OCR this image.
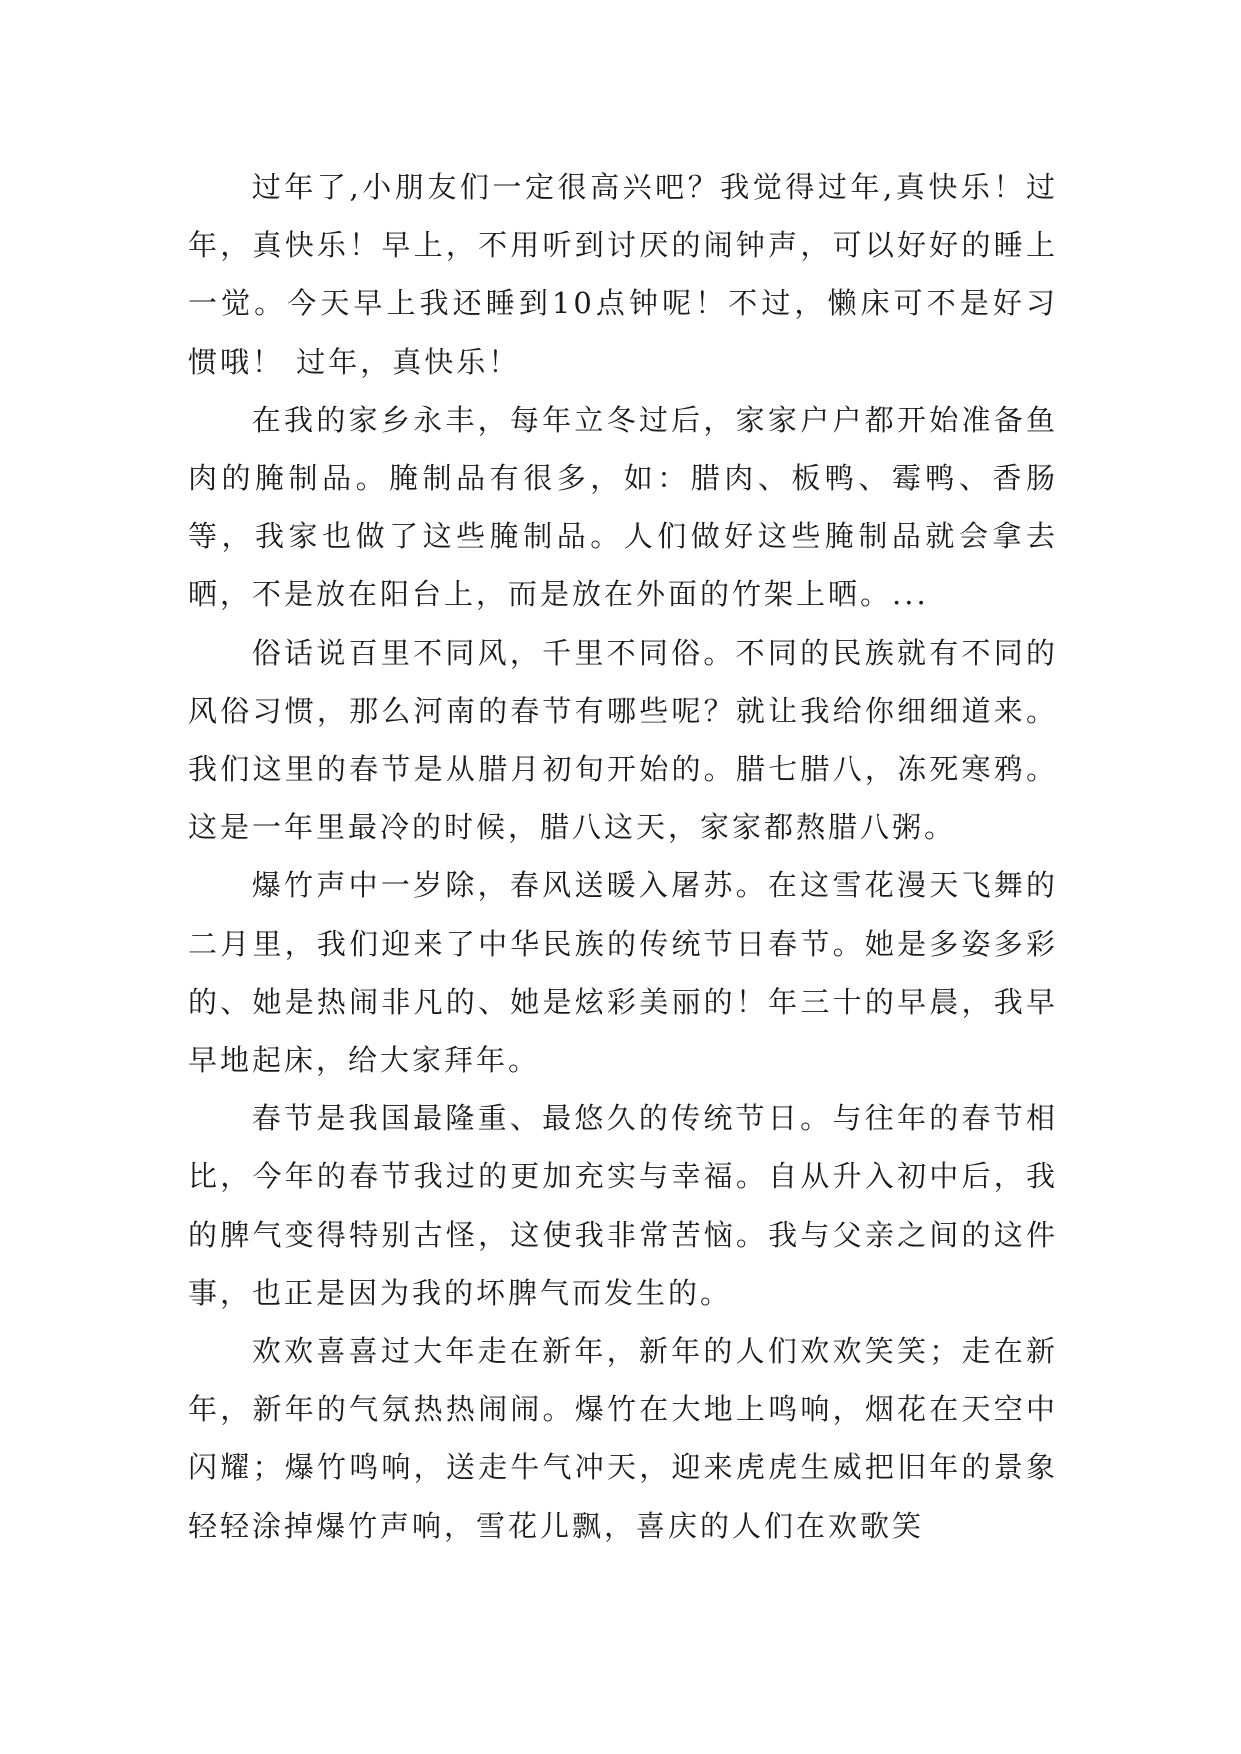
过年了,小朋友们一定很高兴吧？我觉得过年,真快乐！过年，真快乐！早上，不用听到讨厌的闹钟声，可以好好的睡上一觉。今天早上我还睡到10点钟呢！不过，懒床可不是好习惯哦！ 过年，真快乐！

在我的家乡永丰，每年立冬过后，家家户户都开始准备鱼肉的腌制品。腌制品有很多，如：腊肉、板鸭、霉鸭、香肠等，我家也做了这些腌制品。人们做好这些腌制品就会拿去晒，不是放在阳台上，而是放在外面的竹架上晒。...

俗话说百里不同风，千里不同俗。不同的民族就有不同的风俗习惯，那么河南的春节有哪些呢？就让我给你细细道来。我们这里的春节是从腊月初旬开始的。腊七腊八，冻死寒鸦。这是一年里最冷的时候，腊八这天，家家都熬腊八粥。

爆竹声中一岁除，春风送暖入屠苏。在这雪花漫天飞舞的二月里，我们迎来了中华民族的传统节日春节。她是多姿多彩的、她是热闹非凡的、她是炫彩美丽的！年三十的早晨，我早早地起床，给大家拜年。

春节是我国最隆重、最悠久的传统节日。与往年的春节相比，今年的春节我过的更加充实与幸福。自从升入初中后，我的脾气变得特别古怪，这使我非常苦恼。我与父亲之间的这件事，也正是因为我的坏脾气而发生的。

欢欢喜喜过大年走在新年，新年的人们欢欢笑笑；走在新年，新年的气氛热热闹闹。爆竹在大地上鸣响，烟花在天空中闪耀；爆竹鸣响，送走牛气冲天，迎来虎虎生威把旧年的景象轻轻涂掉爆竹声响，雪花儿飘，喜庆的人们在欢歌笑
